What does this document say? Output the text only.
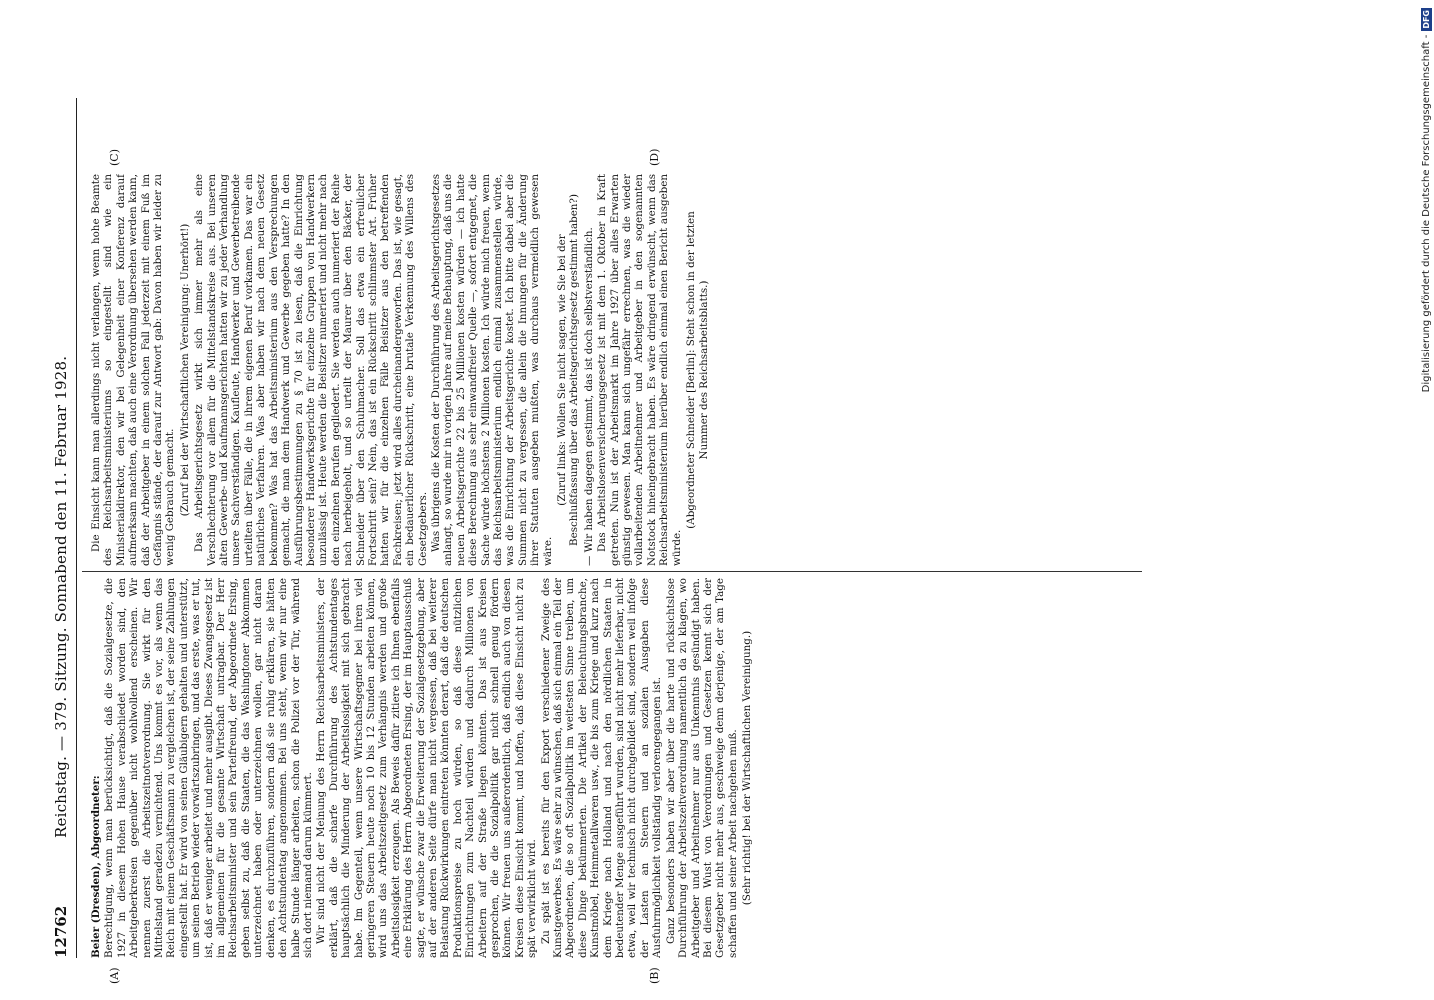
12762
Reichstag. — 379. Sitzung. Sonnabend den 11. Februar 1928.
(A)	(B)
(C)	(D)

Beier (Dresden), Abgeordneter: Berechtigung, wenn man berücksichtigt, daß die Sozialgesetze, die 1927 in diesem Hohen Hause verabschiedet worden sind, den Arbeitgeberkreisen gegenüber nicht wohlwollend erscheinen. Wir nennen zuerst die Arbeitszeitnotverordnung. Sie wirkt für den Mittelstand geradezu vernichtend. Uns kommt es vor, als wenn das Reich mit einem Geschäftsmann zu vergleichen ist, der seine Zahlungen eingestellt hat. Er wird von seinen Gläubigern gehalten und unterstützt, um seinen Betrieb wieder vorwärtszubringen, und das erste, was er tut, ist, daß er weniger arbeitet und mehr ausgibt. Dieses Zwangsgesetz ist im allgemeinen für die gesamte Wirtschaft untragbar. Der Herr Reichsarbeitsminister und sein Parteifreund, der Abgeordnete Ersing, geben selbst zu, daß die Staaten, die das Washingtoner Abkommen unterzeichnet haben oder unterzeichnen wollen, gar nicht daran denken, es durchzuführen, sondern daß sie ruhig erklären, sie hätten den Achtstundentag angenommen. Bei uns steht, wenn wir nur eine halbe Stunde länger arbeiten, schon die Polizei vor der Tür, während sich dort niemand darum kümmert. Wir sind nicht der Meinung des Herrn Reichsarbeitsministers, der erklärt, daß die scharfe Durchführung des Achtstundentages hauptsächlich die Minderung der Arbeitslosigkeit mit sich gebracht habe. Im Gegenteil, wenn unsere Wirtschaftsgegner bei ihren viel geringeren Steuern heute noch 10 bis 12 Stunden arbeiten können, wird uns das Arbeitszeitgesetz zum Verhängnis werden und große Arbeitslosigkeit erzeugen. Als Beweis dafür zitiere ich Ihnen ebenfalls eine Erklärung des Herrn Abgeordneten Ersing, der im Hauptausschuß sagte, er wünsche zwar die Erweiterung der Sozialgesetzgebung, aber auf der anderen Seite dürfe man nicht vergessen, daß bei weiterer Belastung Rückwirkungen eintreten könnten derart, daß die deutschen Produktionspreise zu hoch würden, so daß diese nützlichen Einrichtungen zum Nachteil würden und dadurch Millionen von Arbeitern auf der Straße liegen könnten. Das ist aus Kreisen gesprochen, die die Sozialpolitik gar nicht schnell genug fördern können. Wir freuen uns außerordentlich, daß endlich auch von diesen Kreisen diese Einsicht kommt, und hoffen, daß diese Einsicht nicht zu spät verwirklicht wird. Zu spät ist es bereits für den Export verschiedener Zweige des Kunstgewerbes. Es wäre sehr zu wünschen, daß sich einmal ein Teil der Abgeordneten, die so oft Sozialpolitik im weitesten Sinne treiben, um diese Dinge bekümmerten. Die Artikel der Beleuchtungsbranche, Kunstmöbel, Heimmetallwaren usw., die bis zum Kriege und kurz nach dem Kriege nach Holland und nach den nördlichen Staaten in bedeutender Menge ausgeführt wurden, sind nicht mehr lieferbar, nicht etwa, weil wir technisch nicht durchgebildet sind, sondern weil infolge der Lasten an Steuern und an sozialen Ausgaben diese Ausfuhrmöglichkeit vollständig verlorengegangen ist. Ganz besonders haben wir aber über die harte und rücksichtslose Durchführung der Arbeitszeitverordnung namentlich da zu klagen, wo Arbeitgeber und Arbeitnehmer nur aus Unkenntnis gesündigt haben. Bei diesem Wust von Verordnungen und Gesetzen kennt sich der Gesetzgeber nicht mehr aus, geschweige denn derjenige, der am Tage schaffen und seiner Arbeit nachgehen muß. (Sehr richtig! bei der Wirtschaftlichen Vereinigung.)

Die Einsicht kann man allerdings nicht verlangen, wenn hohe Beamte des Reichsarbeitsministeriums so eingestellt sind wie ein Ministerialdirektor, den wir bei Gelegenheit einer Konferenz darauf aufmerksam machten, daß auch eine Verordnung übersehen werden kann, daß der Arbeitgeber in einem solchen Fall jederzeit mit einem Fuß im Gefängnis stände, der darauf zur Antwort gab: Davon haben wir leider zu wenig Gebrauch gemacht. (Zuruf bei der Wirtschaftlichen Vereinigung: Unerhört!) Das Arbeitsgerichtsgesetz wirkt sich immer mehr als eine Verschlechterung vor allem für die Mittelstandskreise aus. Bei unseren alten Gewerbe- und Kaufmannsgerichten hatten wir zu jeder Verhandlung unsere Sachverständigen. Kaufleute, Handwerker und Gewerbetreibende urteilten über Fälle, die in ihrem eigenen Beruf vorkamen. Das war ein natürliches Verfahren. Was aber haben wir nach dem neuen Gesetz bekommen? Was hat das Arbeitsministerium aus den Versprechungen gemacht, die man dem Handwerk und Gewerbe gegeben hatte? In den Ausführungsbestimmungen zu § 70 ist zu lesen, daß die Einrichtung besonderer Handwerksgerichte für einzelne Gruppen von Handwerkern unzulässig ist. Heute werden die Beisitzer numeriert und nicht mehr nach den einzelnen Berufen gegliedert. Sie werden auch numeriert der Reihe nach herbeigeholt, und so urteilt der Maurer über den Bäcker, der Schneider über den Schuhmacher. Soll das etwa ein erfreulicher Fortschritt sein? Nein, das ist ein Rückschritt schlimmster Art. Früher hatten wir für die einzelnen Fälle Beisitzer aus den betreffenden Fachkreisen; jetzt wird alles durcheinandergeworfen. Das ist, wie gesagt, ein bedauerlicher Rückschritt, eine brutale Verkennung des Willens des Gesetzgebers. Was übrigens die Kosten der Durchführung des Arbeitsgerichtsgesetzes anlangt, so wurde mir in vorigen Jahre auf meine Behauptung, daß uns die neuen Arbeitsgerichte 22 bis 25 Millionen kosten würden — ich hatte diese Berechnung aus sehr einwandfreier Quelle —, sofort entgegnet, die Sache würde höchstens 2 Millionen kosten. Ich würde mich freuen, wenn das Reichsarbeitsministerium endlich einmal zusammenstellen würde, was die Einrichtung der Arbeitsgerichte kostet. Ich bitte dabei aber die Summen nicht zu vergessen, die allein die Innungen für die Änderung ihrer Statuten ausgeben mußten, was durchaus vermeidlich gewesen wäre.

(Zuruf links: Wollen Sie nicht sagen, wie Sie bei der Beschlußfassung über das Arbeitsgerichtsgesetz gestimmt haben?) — Wir haben dagegen gestimmt, das ist doch selbstverständlich. Das Arbeitslosenversicherungsgesetz ist mit dem 1. Oktober in Kraft getreten. Nun ist der Arbeitsmarkt im Jahre 1927 über alles Erwarten günstig gewesen. Man kann sich ungefähr errechnen, was die wieder vollarbeitenden Arbeitnehmer und Arbeitgeber in den sogenannten Notstock hineingebracht haben. Es wäre dringend erwünscht, wenn das Reichsarbeitsministerium hierüber endlich einmal einen Bericht ausgeben würde.

(Abgeordneter Schneider [Berlin]: Steht schon in der letzten Nummer des Reichsarbeitsblatts.)	Digitalisierung gefördert durch die Deutsche Forschungsgemeinschaft -DFG
